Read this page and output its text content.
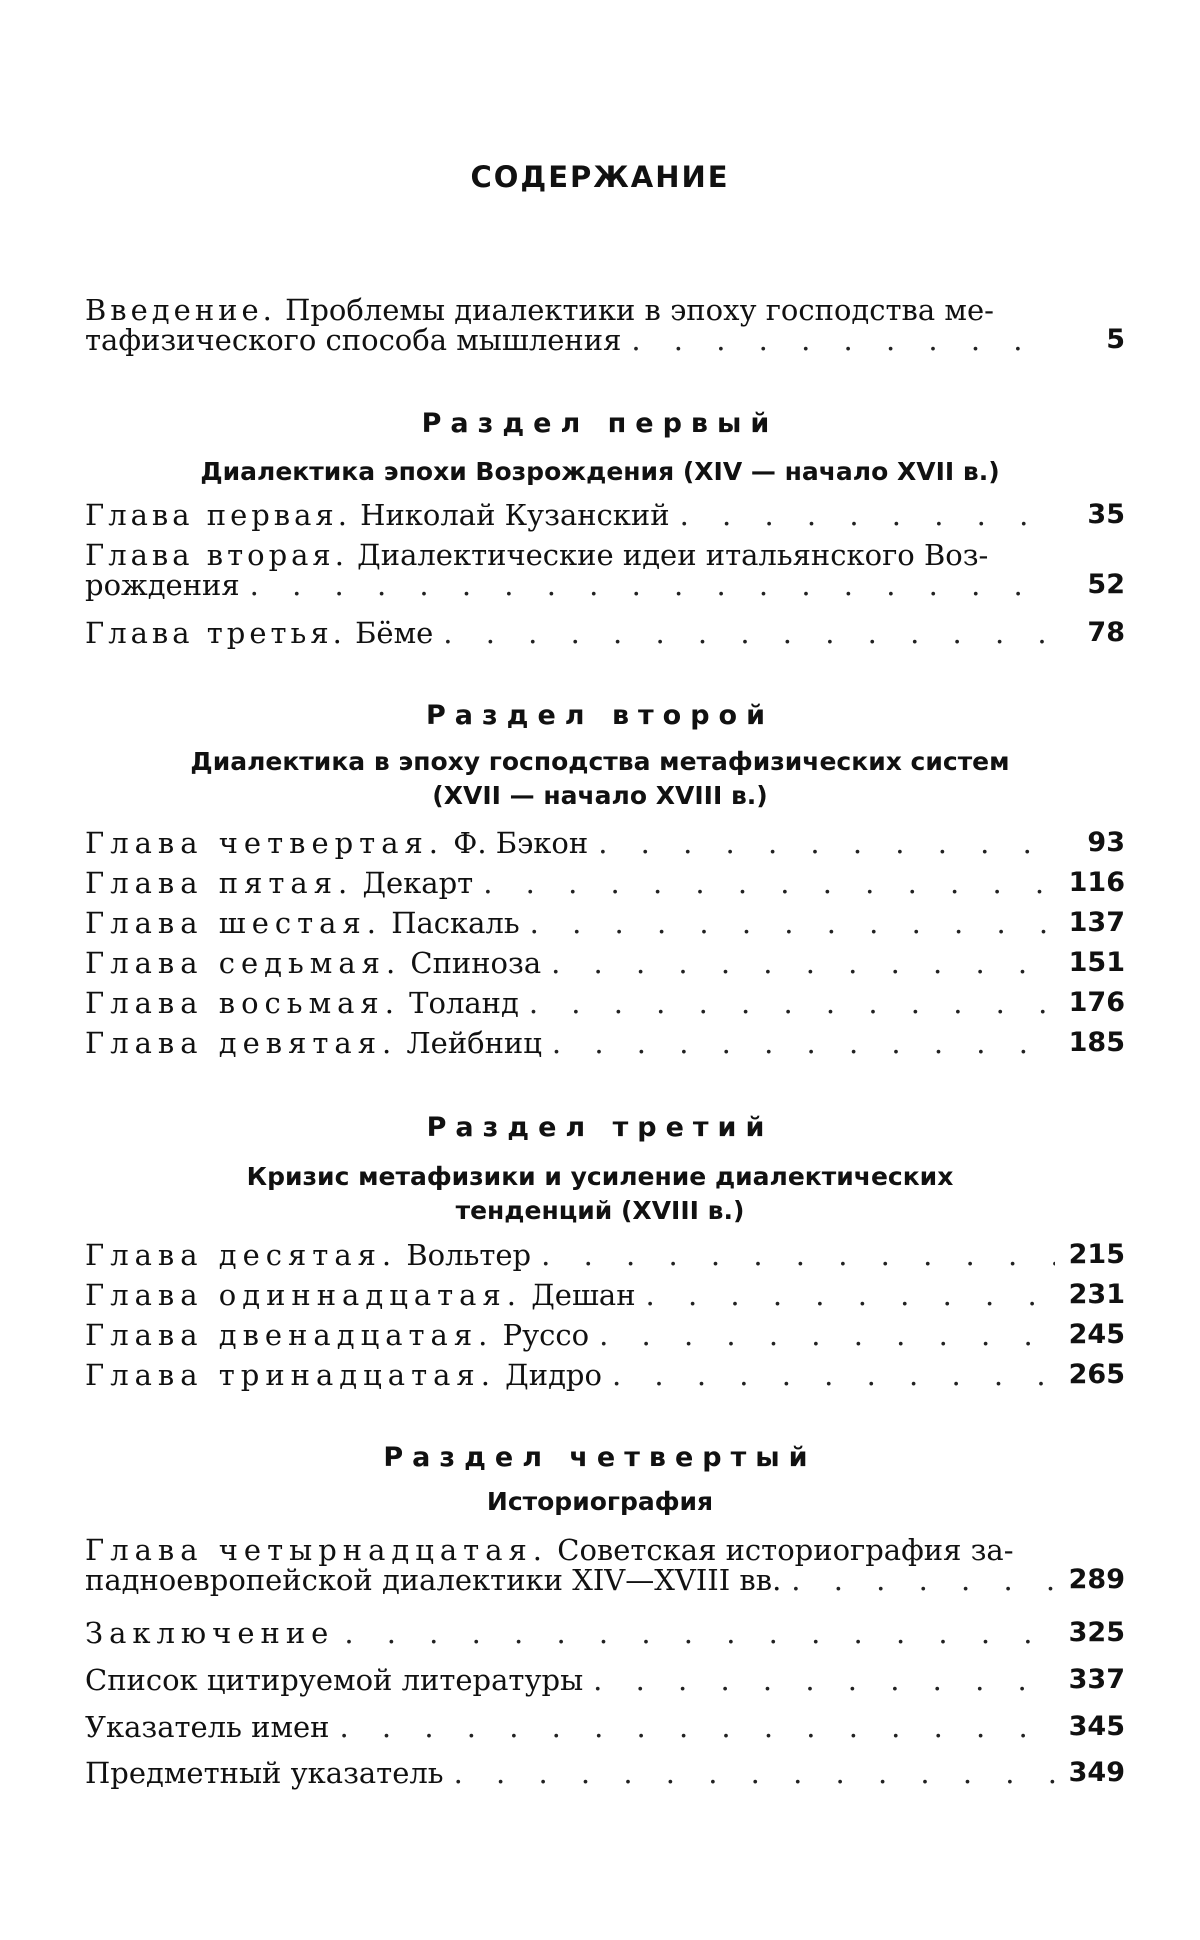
СОДЕРЖАНИЕ
Введение. Проблемы диалектики в эпоху господства ме-
тафизического способа мышления . . .	5
Раздел первый
Диалектика эпохи Возрождения (XIV — начало XVII в.)
Глава первая. Николай Кузанский . . .	35
Глава вторая. Диалектические идеи итальянского Воз-
рождения . . .	52
Глава третья. Бёме . . .	78
Раздел второй
Диалектика в эпоху господства метафизических систем
(XVII — начало XVIII в.)
Глава четвертая. Ф. Бэкон . . .	93
Глава пятая. Декарт . . .	116
Глава шестая. Паскаль . . .	137
Глава седьмая. Спиноза . . .	151
Глава восьмая. Толанд . . .	176
Глава девятая. Лейбниц . . .	185
Раздел третий
Кризис метафизики и усиление диалектических
тенденций (XVIII в.)
Глава десятая. Вольтер . . .	215
Глава одиннадцатая. Дешан . . .	231
Глава двенадцатая. Руссо . . .	245
Глава тринадцатая. Дидро . . .	265
Раздел четвертый
Историография
Глава четырнадцатая. Советская историография за-
падноевропейской диалектики XIV—XVIII вв. . . .	289
Заключение . . .	325
Список цитируемой литературы . . .	337
Указатель имен . . .	345
Предметный указатель . . .	349
